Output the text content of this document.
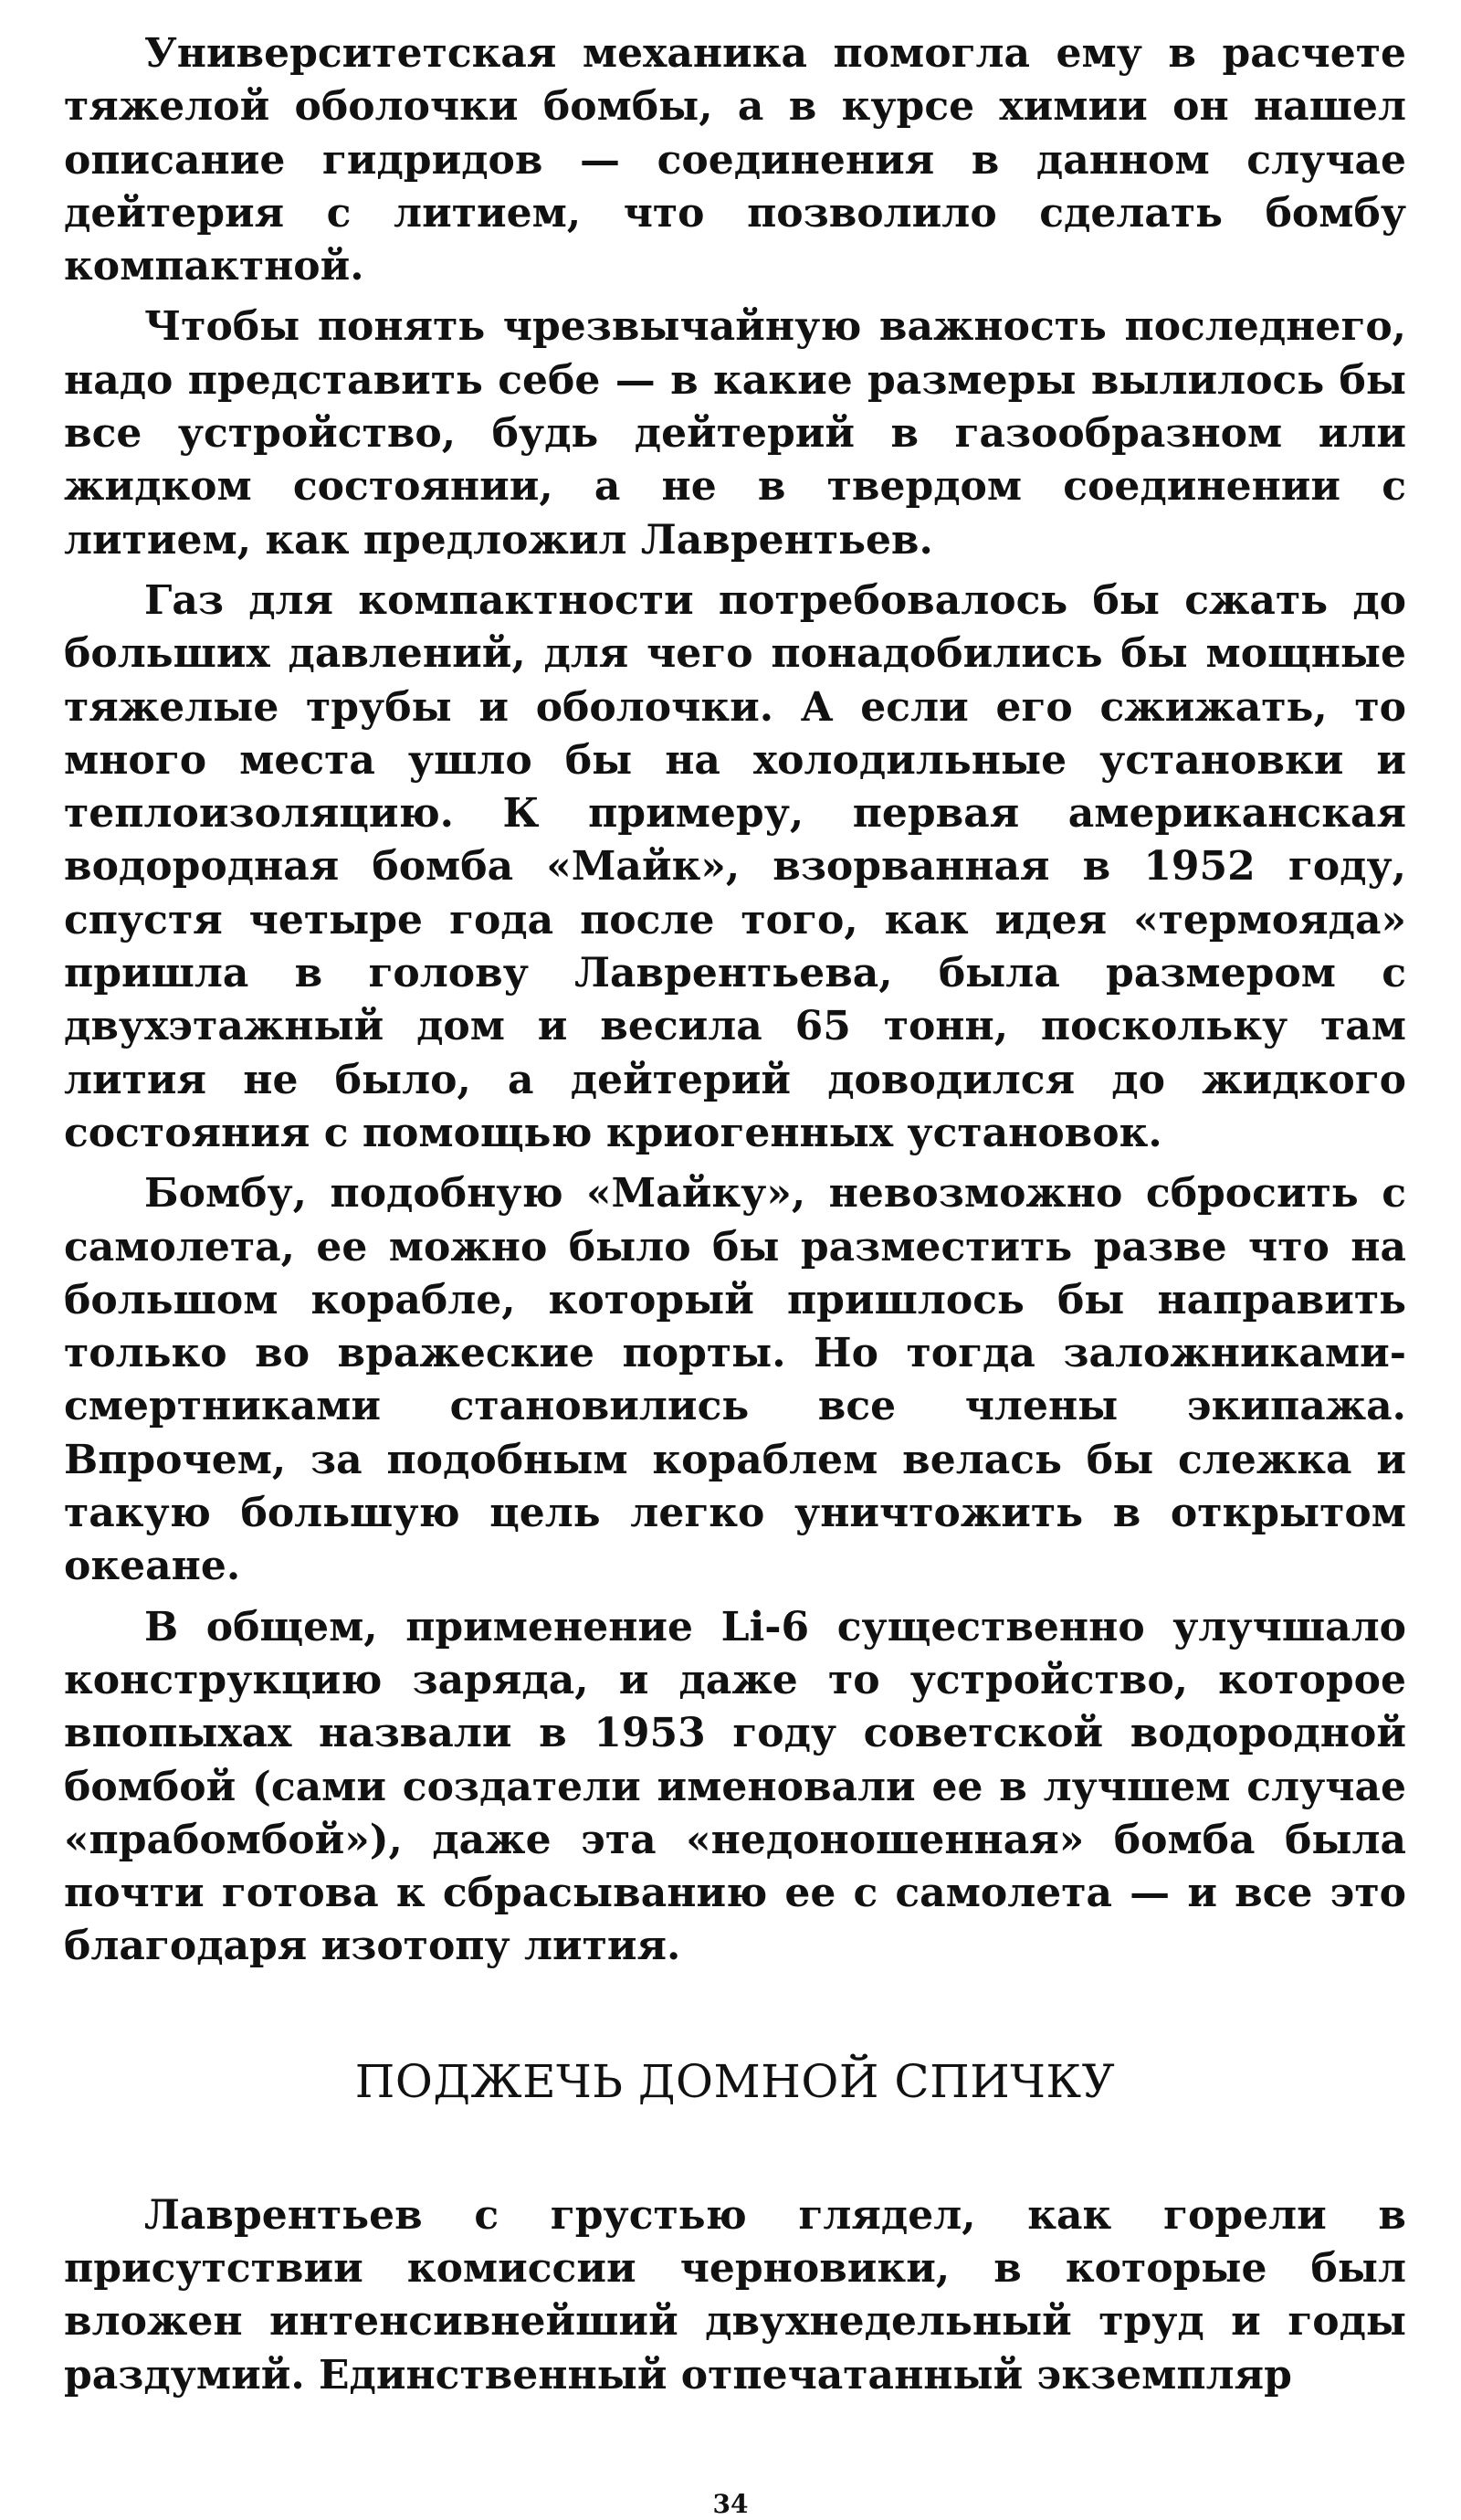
Университетская механика помогла ему в расчете тяжелой оболочки бомбы, а в курсе химии он нашел описание гидридов — соединения в данном случае дейтерия с литием, что позволило сделать бомбу компактной.

Чтобы понять чрезвычайную важность последнего, надо представить себе — в какие размеры вылилось бы все устройство, будь дейтерий в газообразном или жидком состоянии, а не в твердом соединении с литием, как предложил Лаврентьев.

Газ для компактности потребовалось бы сжать до больших давлений, для чего понадобились бы мощные тяжелые трубы и оболочки. А если его сжижать, то много места ушло бы на холодильные установки и теплоизоляцию. К примеру, первая американская водородная бомба «Майк», взорванная в 1952 году, спустя четыре года после того, как идея «термояда» пришла в голову Лаврентьева, была размером с двухэтажный дом и весила 65 тонн, поскольку там лития не было, а дейтерий доводился до жидкого состояния с помощью криогенных установок.

Бомбу, подобную «Майку», невозможно сбросить с самолета, ее можно было бы разместить разве что на большом корабле, который пришлось бы направить только во вражеские порты. Но тогда заложниками-смертниками становились все члены экипажа. Впрочем, за подобным кораблем велась бы слежка и такую большую цель легко уничтожить в открытом океане.

В общем, применение Li-6 существенно улучшало конструкцию заряда, и даже то устройство, которое впопыхах назвали в 1953 году советской водородной бомбой (сами создатели именовали ее в лучшем случае «прабомбой»), даже эта «недоношенная» бомба была почти готова к сбрасыванию ее с самолета — и все это благодаря изотопу лития.

ПОДЖЕЧЬ ДОМНОЙ СПИЧКУ

Лаврентьев с грустью глядел, как горели в присутствии комиссии черновики, в которые был вложен интенсивнейший двухнедельный труд и годы раздумий. Единственный отпечатанный экземпляр

34
